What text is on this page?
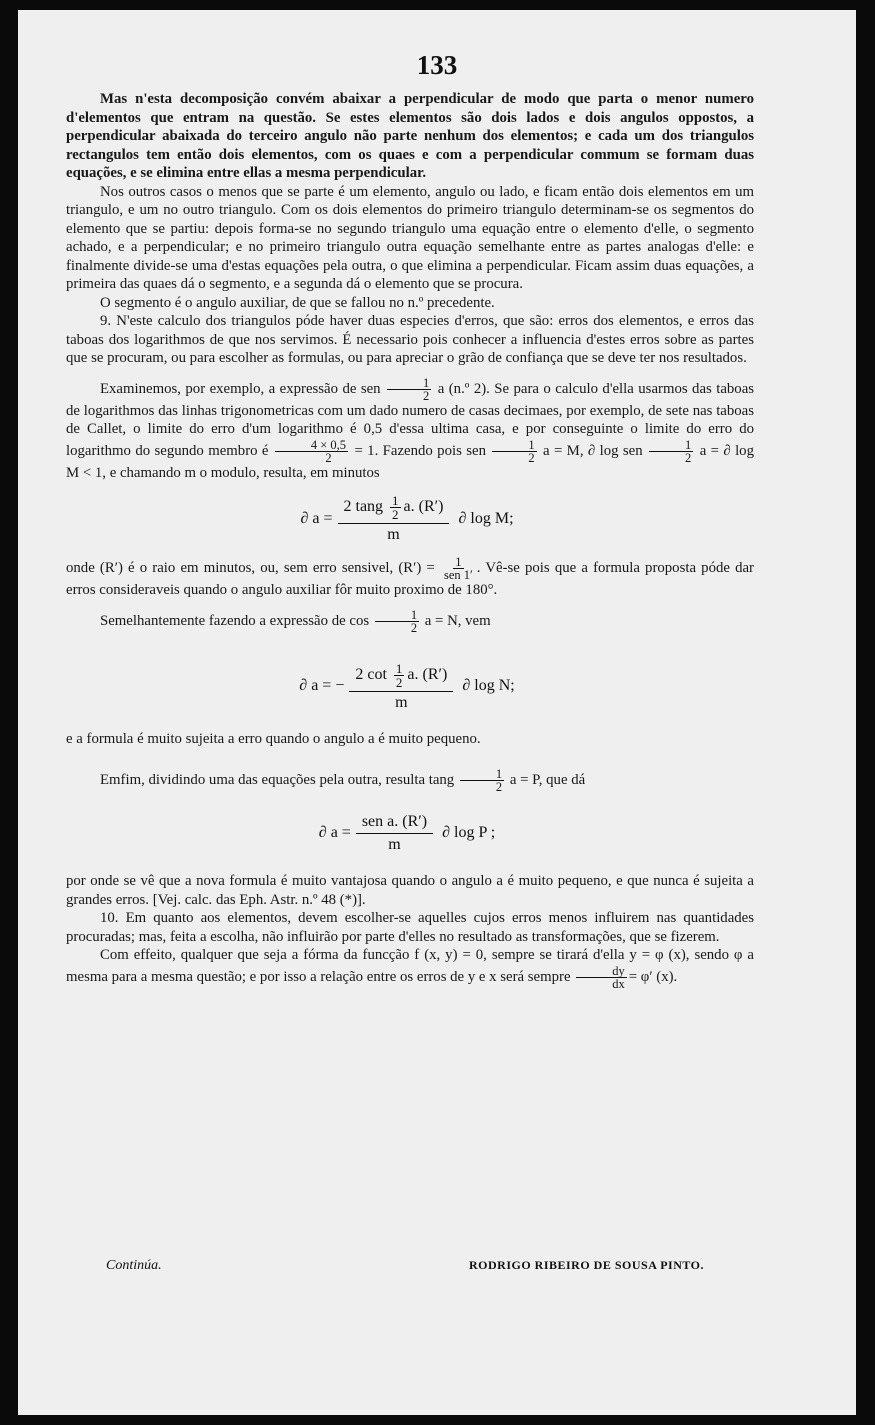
133

Mas n'esta decomposição convém abaixar a perpendicular de modo que parta o menor numero d'elementos que entram na questão. Se estes elementos são dois lados e dois angulos oppostos, a perpendicular abaixada do terceiro angulo não parte nenhum dos elementos; e cada um dos triangulos rectangulos tem então dois elementos, com os quaes e com a perpendicular commum se formam duas equações, e se elimina entre ellas a mesma perpendicular.

Nos outros casos o menos que se parte é um elemento, angulo ou lado, e ficam então dois elementos em um triangulo, e um no outro triangulo. Com os dois elementos do primeiro triangulo determinam-se os segmentos do elemento que se partiu: depois forma-se no segundo triangulo uma equação entre o elemento d'elle, o segmento achado, e a perpendicular; e no primeiro triangulo outra equação semelhante entre as partes analogas d'elle: e finalmente divide-se uma d'estas equações pela outra, o que elimina a perpendicular. Ficam assim duas equações, a primeira das quaes dá o segmento, e a segunda dá o elemento que se procura.

O segmento é o angulo auxiliar, de que se fallou no n.º precedente.

9. N'este calculo dos triangulos póde haver duas especies d'erros, que são: erros dos elementos, e erros das taboas dos logarithmos de que nos servimos. É necessario pois conhecer a influencia d'estes erros sobre as partes que se procuram, ou para escolher as formulas, ou para apreciar o grão de confiança que se deve ter nos resultados.

Examinemos, por exemplo, a expressão de sen $\frac{1}{2}$ a (n.º 2). Se para o calculo d'ella usarmos das taboas de logarithmos das linhas trigonometricas com um dado numero de casas decimaes, por exemplo, de sete nas taboas de Callet, o limite do erro d'um logarithmo é 0,5 d'essa ultima casa, e por conseguinte o limite do erro do logarithmo do segundo membro é $\frac{4 \times 0,5}{2} = 1$. Fazendo pois sen $\frac{1}{2}$ a = M, ∂ log sen $\frac{1}{2}$ a = ∂ log M < 1, e chamando m o modulo, resulta, em minutos

∂ $a = \frac{2 \tan g \frac{1}{2} a. (R')}{m}$ ∂ log M;

onde (R′) é o raio em minutos, ou, sem erro sensivel, (R′) = 1
sen 1′ . Vê-se pois que a formula proposta póde dar erros consideraveis quando o angulo auxiliar fôr muito proximo de 180°.

Semelhantemente fazendo a expressão de $\cos \frac{1}{2}$ a = N, vem

∂ a = − $\frac{2 \cot \frac{1}{2} a. (R')}{m}$ ∂ log N;

e a formula é muito sujeita a erro quando o angulo a é muito pequeno.

Emfim, dividindo uma das equações pela outra, resulta tang $\frac{1}{2}$ a = P, que dá

∂ $a = \frac{\text{sen a. (R′)}}{m}$ ∂ log P ;

por onde se vê que a nova formula é muito vantajosa quando o angulo a é muito pequeno, e que nunca é sujeita a grandes erros. [Vej. calc. das Eph. Astr. n.º 48 (*)].

10. Em quanto aos elementos, devem escolher-se aquelles cujos erros menos influirem nas quantidades procuradas; mas, feita a escolha, não influirão por parte d'elles no resultado as transformações, que se fizerem.

Com effeito, qualquer que seja a fórma da funcção f (x, y) = 0, sempre se tirará d'ella y = φ (x), sendo φ a mesma para a mesma questão; e por isso a relação entre os erros de y e x será sempre $\frac{dy}{dx} = \varphi'$ (x).

Continúa.	RODRIGO RIBEIRO DE SOUSA PINTO.
